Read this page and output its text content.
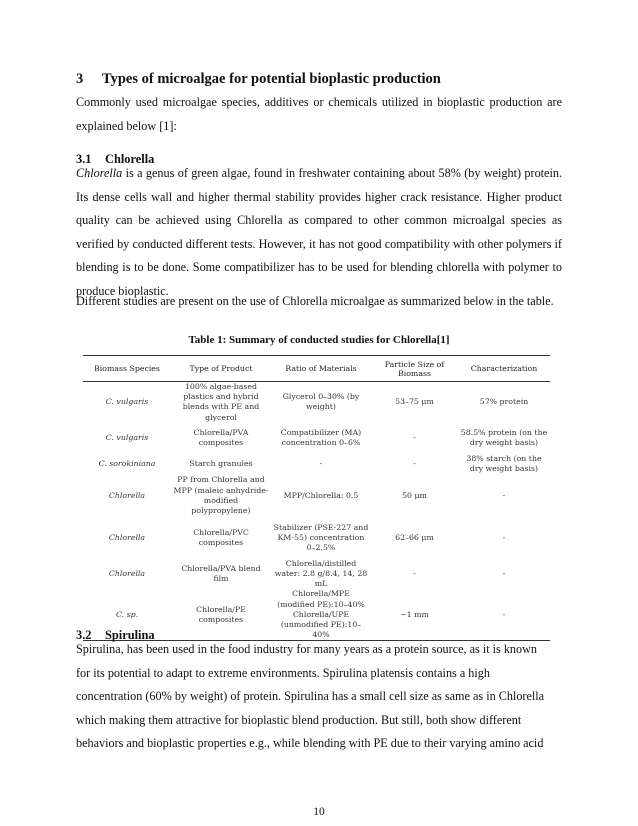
3 Types of microalgae for potential bioplastic production

Commonly used microalgae species, additives or chemicals utilized in bioplastic production are explained below [1]:

3.1 Chlorella

Chlorella is a genus of green algae, found in freshwater containing about 58% (by weight) protein. Its dense cells wall and higher thermal stability provides higher crack resistance. Higher product quality can be achieved using Chlorella as compared to other common microalgal species as verified by conducted different tests. However, it has not good compatibility with other polymers if blending is to be done. Some compatibilizer has to be used for blending chlorella with polymer to produce bioplastic.

Different studies are present on the use of Chlorella microalgae as summarized below in the table.

Table 1: Summary of conducted studies for Chlorella[1]

Biomass Species	Type of Product	Ratio of Materials	Particle Size of Biomass	Characterization
C. vulgaris	100% algae-based plastics and hybrid blends with PE and glycerol	Glycerol 0–30% (by weight)	53–75 μm	57% protein
C. vulgaris	Chlorella/PVA composites	Compatibilizer (MA) concentration 0–6%	-	58.5% protein (on the dry weight basis)
C. sorokiniana	Starch granules	-	-	38% starch (on the dry weight basis)
Chlorella	PP from Chlorella and MPP (maleic anhydride-modified polypropylene)	MPP/Chlorella: 0.5	50 μm	-
Chlorella	Chlorella/PVC composites	Stabilizer (PSE-227 and KM-55) concentration 0–2.5%	62–66 μm	-
Chlorella	Chlorella/PVA blend film	Chlorella/distilled water: 2.8 g/8.4, 14, 28 mL	-	-
C. sp.	Chlorella/PE composites	Chlorella/MPE (modified PE):10–40% Chlorella/UPE (unmodified PE):10–40%	~1 mm	-
3.2 Spirulina
Spirulina, has been used in the food industry for many years as a protein source, as it is known
for its potential to adapt to extreme environments. Spirulina platensis contains a high
concentration (60% by weight) of protein. Spirulina has a small cell size as same as in Chlorella
which making them attractive for bioplastic blend production. But still, both show different
behaviors and bioplastic properties e.g., while blending with PE due to their varying amino acid
10
